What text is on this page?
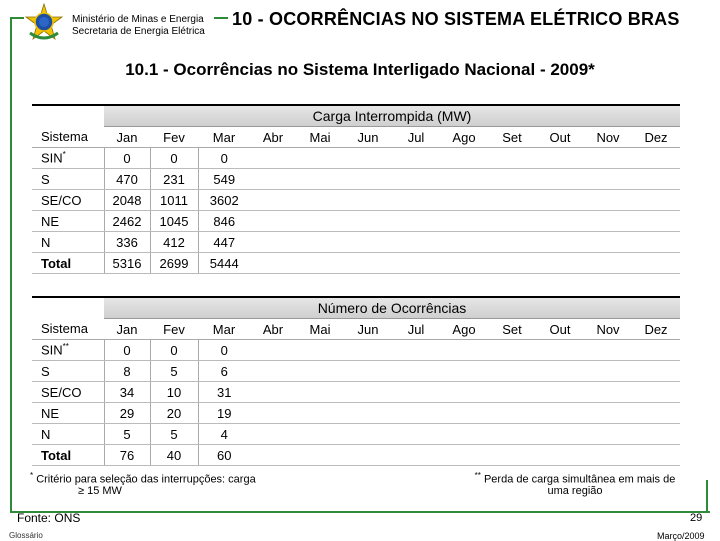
Ministério de Minas e Energia
Secretaria de Energia Elétrica
10 - OCORRÊNCIAS NO SISTEMA ELÉTRICO BRAS
10.1 - Ocorrências no Sistema Interligado Nacional - 2009*
	Carga Interrompida (MW)											
Sistema	Jan	Fev	Mar	Abr	Mai	Jun	Jul	Ago	Set	Out	Nov	Dez
SIN*	0	0	0									
S	470	231	549									
SE/CO	2048	1011	3602									
NE	2462	1045	846									
N	336	412	447									
Total	5316	2699	5444									
	Número de Ocorrências											
Sistema	Jan	Fev	Mar	Abr	Mai	Jun	Jul	Ago	Set	Out	Nov	Dez
SIN**	0	0	0									
S	8	5	6									
SE/CO	34	10	31									
NE	29	20	19									
N	5	5	4									
Total	76	40	60									
* Critério para seleção das interrupções: carga
≥ 15 MW
** Perda de carga simultânea em mais de
uma região
Fonte: ONS
Glossário
29
Março/2009
